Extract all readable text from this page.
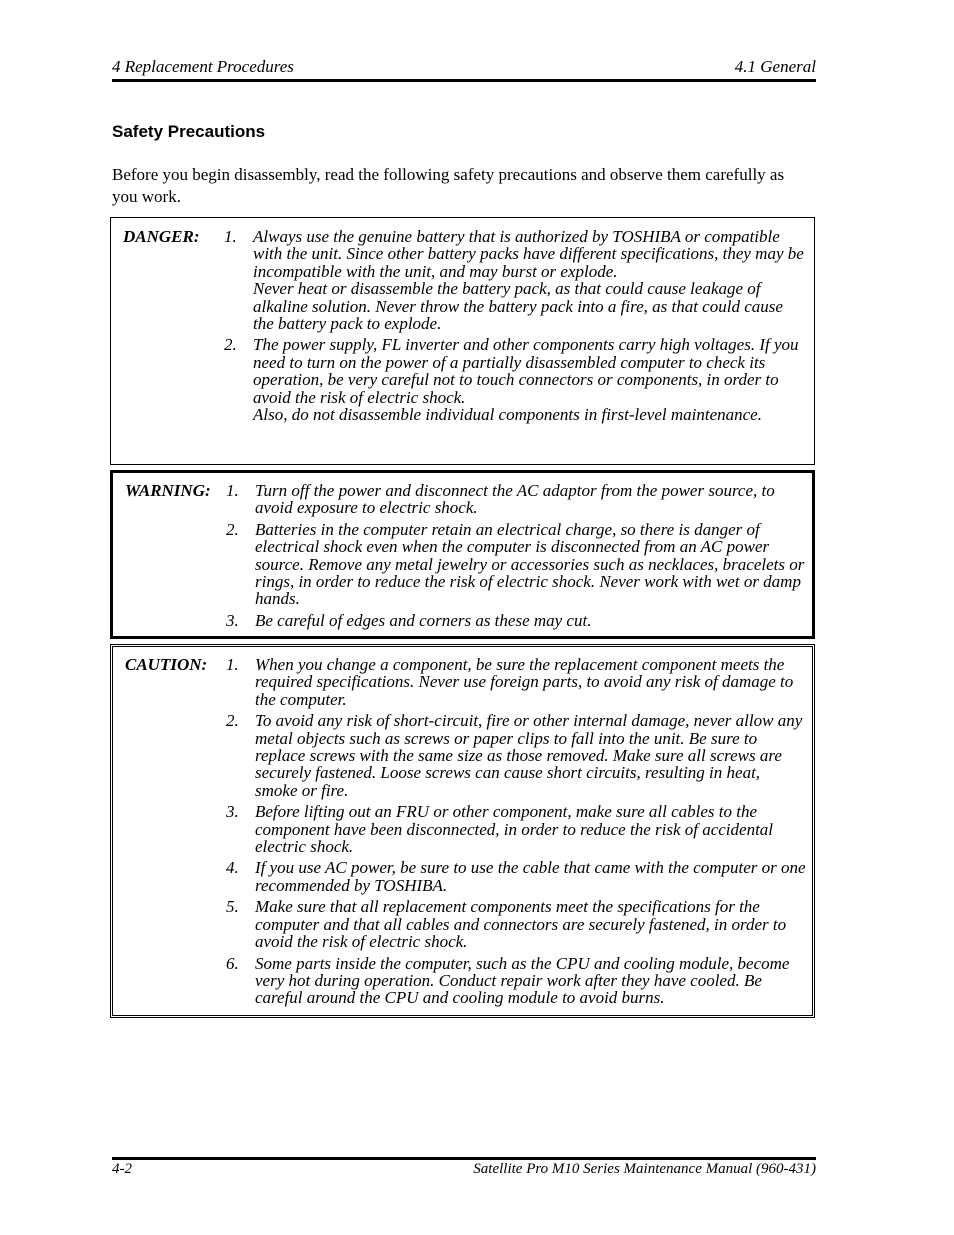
4 Replacement Procedures	4.1 General
Safety Precautions
Before you begin disassembly, read the following safety precautions and observe them carefully as you work.
DANGER: 1. Always use the genuine battery that is authorized by TOSHIBA or compatible with the unit. Since other battery packs have different specifications, they may be incompatible with the unit, and may burst or explode.
Never heat or disassemble the battery pack, as that could cause leakage of alkaline solution. Never throw the battery pack into a fire, as that could cause the battery pack to explode.
2. The power supply, FL inverter and other components carry high voltages. If you need to turn on the power of a partially disassembled computer to check its operation, be very careful not to touch connectors or components, in order to avoid the risk of electric shock.
Also, do not disassemble individual components in first-level maintenance.
WARNING: 1. Turn off the power and disconnect the AC adaptor from the power source, to avoid exposure to electric shock.
2. Batteries in the computer retain an electrical charge, so there is danger of electrical shock even when the computer is disconnected from an AC power source. Remove any metal jewelry or accessories such as necklaces, bracelets or rings, in order to reduce the risk of electric shock. Never work with wet or damp hands.
3. Be careful of edges and corners as these may cut.
CAUTION: 1. When you change a component, be sure the replacement component meets the required specifications. Never use foreign parts, to avoid any risk of damage to the computer.
2. To avoid any risk of short-circuit, fire or other internal damage, never allow any metal objects such as screws or paper clips to fall into the unit. Be sure to replace screws with the same size as those removed. Make sure all screws are securely fastened. Loose screws can cause short circuits, resulting in heat, smoke or fire.
3. Before lifting out an FRU or other component, make sure all cables to the component have been disconnected, in order to reduce the risk of accidental electric shock.
4. If you use AC power, be sure to use the cable that came with the computer or one recommended by TOSHIBA.
5. Make sure that all replacement components meet the specifications for the computer and that all cables and connectors are securely fastened, in order to avoid the risk of electric shock.
6. Some parts inside the computer, such as the CPU and cooling module, become very hot during operation. Conduct repair work after they have cooled. Be careful around the CPU and cooling module to avoid burns.
4-2	Satellite Pro M10 Series Maintenance Manual (960-431)
